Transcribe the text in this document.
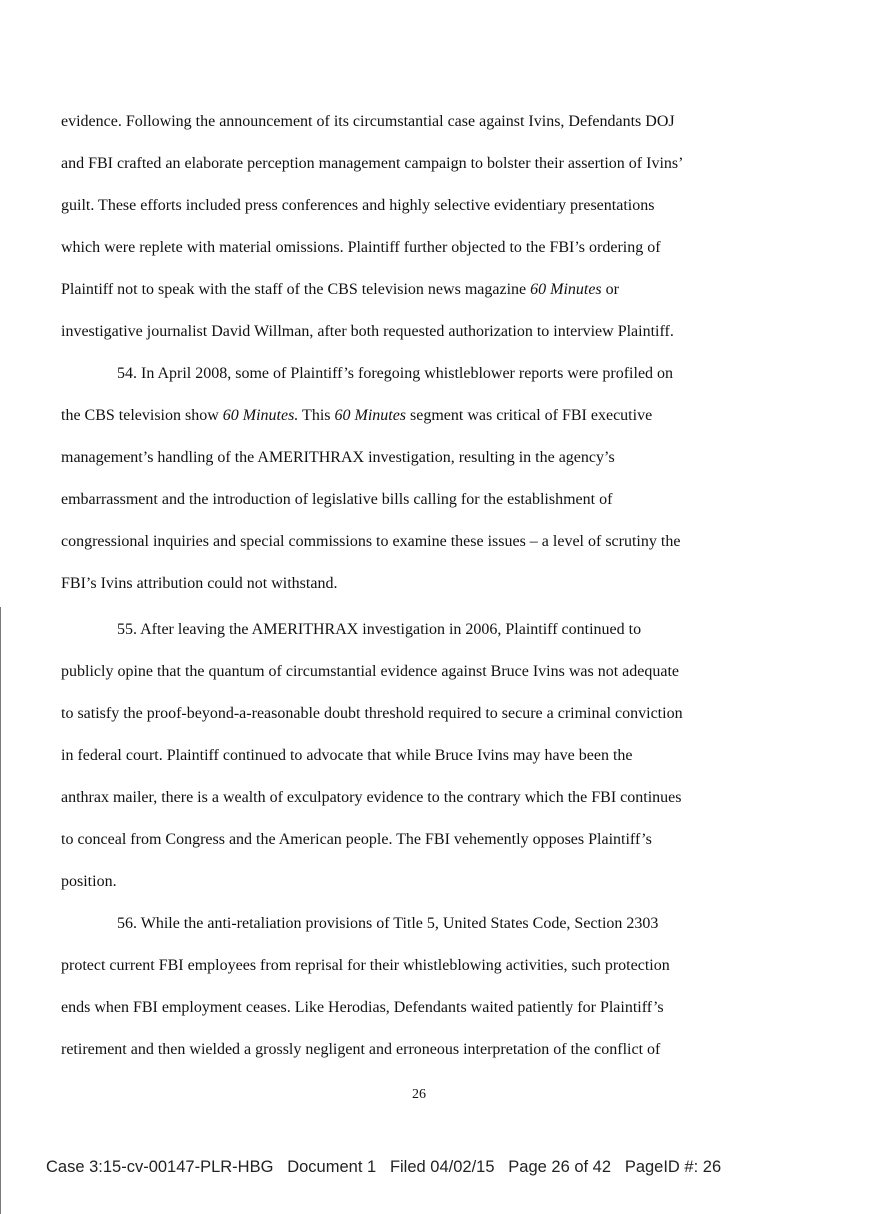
evidence. Following the announcement of its circumstantial case against Ivins, Defendants DOJ
and FBI crafted an elaborate perception management campaign to bolster their assertion of Ivins’
guilt. These efforts included press conferences and highly selective evidentiary presentations
which were replete with material omissions. Plaintiff further objected to the FBI’s ordering of
Plaintiff not to speak with the staff of the CBS television news magazine 60 Minutes or
investigative journalist David Willman, after both requested authorization to interview Plaintiff.
54. In April 2008, some of Plaintiff’s foregoing whistleblower reports were profiled on
the CBS television show 60 Minutes. This 60 Minutes segment was critical of FBI executive
management’s handling of the AMERITHRAX investigation, resulting in the agency’s
embarrassment and the introduction of legislative bills calling for the establishment of
congressional inquiries and special commissions to examine these issues – a level of scrutiny the
FBI’s Ivins attribution could not withstand.
55. After leaving the AMERITHRAX investigation in 2006, Plaintiff continued to
publicly opine that the quantum of circumstantial evidence against Bruce Ivins was not adequate
to satisfy the proof-beyond-a-reasonable doubt threshold required to secure a criminal conviction
in federal court. Plaintiff continued to advocate that while Bruce Ivins may have been the
anthrax mailer, there is a wealth of exculpatory evidence to the contrary which the FBI continues
to conceal from Congress and the American people. The FBI vehemently opposes Plaintiff’s
position.
56. While the anti-retaliation provisions of Title 5, United States Code, Section 2303
protect current FBI employees from reprisal for their whistleblowing activities, such protection
ends when FBI employment ceases. Like Herodias, Defendants waited patiently for Plaintiff’s
retirement and then wielded a grossly negligent and erroneous interpretation of the conflict of
26
Case 3:15-cv-00147-PLR-HBG Document 1 Filed 04/02/15 Page 26 of 42 PageID #: 26
